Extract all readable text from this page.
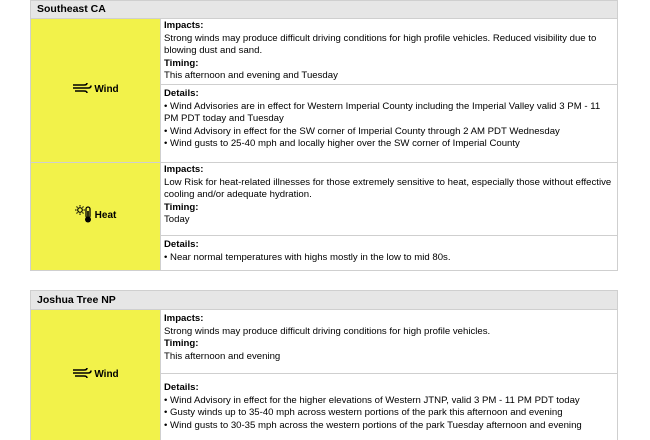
Southeast CA
Wind
Impacts:
Strong winds may produce difficult driving conditions for high profile vehicles. Reduced visibility due to blowing dust and sand.
Timing:
This afternoon and evening and Tuesday
Details:
• Wind Advisories are in effect for Western Imperial County including the Imperial Valley valid 3 PM - 11 PM PDT today and Tuesday
• Wind Advisory in effect for the SW corner of Imperial County through 2 AM PDT Wednesday
• Wind gusts to 25-40 mph and locally higher over the SW corner of Imperial County
Heat
Impacts:
Low Risk for heat-related illnesses for those extremely sensitive to heat, especially those without effective cooling and/or adequate hydration.
Timing:
Today
Details:
• Near normal temperatures with highs mostly in the low to mid 80s.
Joshua Tree NP
Wind
Impacts:
Strong winds may produce difficult driving conditions for high profile vehicles.
Timing:
This afternoon and evening
Details:
• Wind Advisory in effect for the higher elevations of Western JTNP, valid 3 PM - 11 PM PDT today
• Gusty winds up to 35-40 mph across western portions of the park this afternoon and evening
• Wind gusts to 30-35 mph across the western portions of the park Tuesday afternoon and evening
